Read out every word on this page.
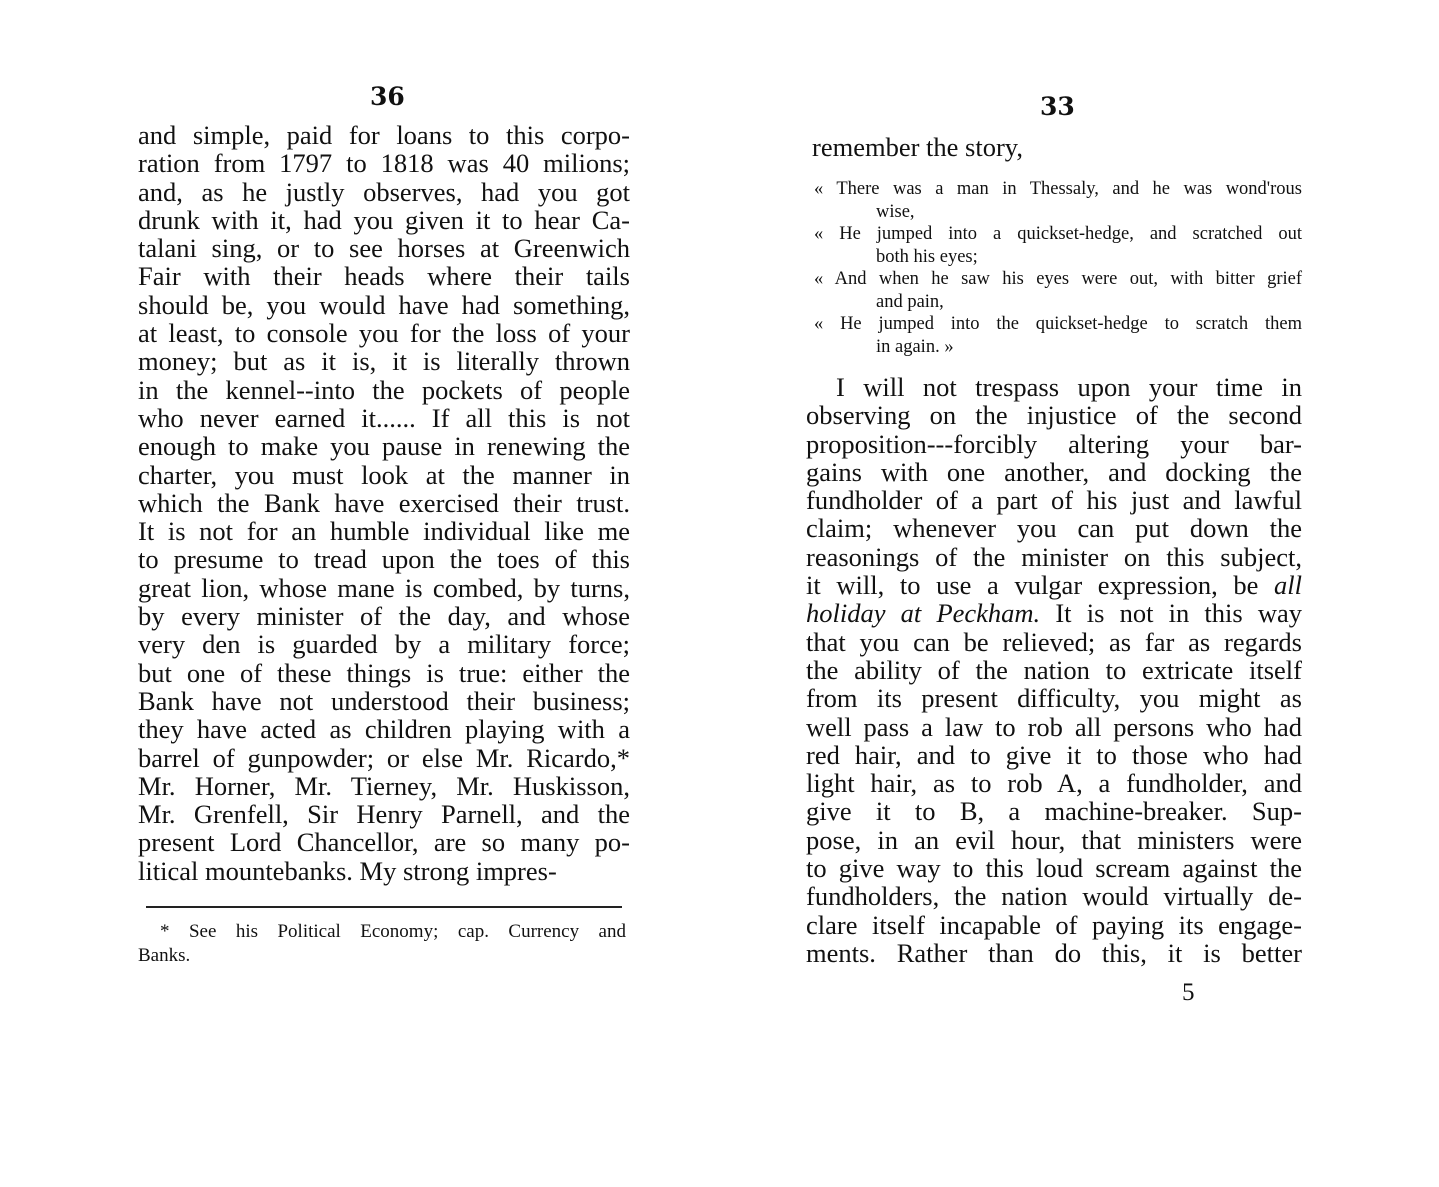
36
and simple, paid for loans to this corpo-
ration from 1797 to 1818 was 40 milions;
and, as he justly observes, had you got
drunk with it, had you given it to hear Ca-
talani sing, or to see horses at Greenwich
Fair with their heads where their tails
should be, you would have had something,
at least, to console you for the loss of your
money; but as it is, it is literally thrown
in the kennel--into the pockets of people
who never earned it...... If all this is not
enough to make you pause in renewing the
charter, you must look at the manner in
which the Bank have exercised their trust.
It is not for an humble individual like me
to presume to tread upon the toes of this
great lion, whose mane is combed, by turns,
by every minister of the day, and whose
very den is guarded by a military force;
but one of these things is true: either the
Bank have not understood their business;
they have acted as children playing with a
barrel of gunpowder; or else Mr. Ricardo,*
Mr. Horner, Mr. Tierney, Mr. Huskisson,
Mr. Grenfell, Sir Henry Parnell, and the
present Lord Chancellor, are so many po-
litical mountebanks. My strong impres-
* See his Political Economy; cap. Currency and
Banks.
33
remember the story,
« There was a man in Thessaly, and he was wond'rous
wise,
« He jumped into a quickset-hedge, and scratched out
both his eyes;
« And when he saw his eyes were out, with bitter grief
and pain,
« He jumped into the quickset-hedge to scratch them
in again. »
I will not trespass upon your time in
observing on the injustice of the second
proposition---forcibly altering your bar-
gains with one another, and docking the
fundholder of a part of his just and lawful
claim; whenever you can put down the
reasonings of the minister on this subject,
it will, to use a vulgar expression, be all
holiday at Peckham. It is not in this way
that you can be relieved; as far as regards
the ability of the nation to extricate itself
from its present difficulty, you might as
well pass a law to rob all persons who had
red hair, and to give it to those who had
light hair, as to rob A, a fundholder, and
give it to B, a machine-breaker. Sup-
pose, in an evil hour, that ministers were
to give way to this loud scream against the
fundholders, the nation would virtually de-
clare itself incapable of paying its engage-
ments. Rather than do this, it is better
5
